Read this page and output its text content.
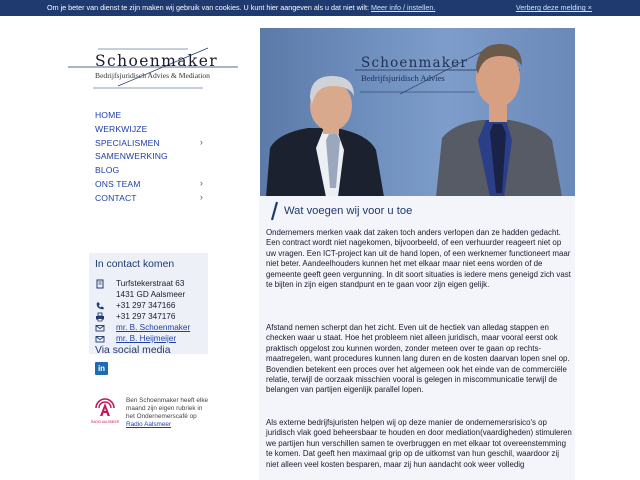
Om je beter van dienst te zijn maken wij gebruik van cookies. U kunt hier aangeven als u dat niet wilt: Meer info / instellen.	Verberg deze melding ×
Schoenmaker
Bedrijfsjuridisch Advies & Mediation
HOME
WERKWIJZE
SPECIALISMEN	›
SAMENWERKING
BLOG
ONS TEAM	›
CONTACT	›
In contact komen
Turfstekerstraat 63
1431 GD Aalsmeer
+31 297 347166
+31 297 347176
mr. B. Schoenmaker
mr. B. Heijmeijer
Via social media
in
RADIO AALSMEER
Ben Schoenmaker heeft elke maand zijn eigen rubriek in het Ondernemerscafé op Radio Aalsmeer
Schoenmaker
Bedrijfsjuridisch Advies
Wat voegen wij voor u toe

Ondernemers merken vaak dat zaken toch anders verlopen dan ze hadden gedacht. Een contract wordt niet nagekomen, bijvoorbeeld, of een verhuurder reageert niet op uw vragen. Een ICT-project kan uit de hand lopen, of een werknemer functioneert maar niet beter. Aandeelhouders kunnen het met elkaar maar niet eens worden of de gemeente geeft geen vergunning. In dit soort situaties is iedere mens geneigd zich vast te bijten in zijn eigen standpunt en te gaan voor zijn eigen gelijk.

Afstand nemen scherpt dan het zicht. Even uit de hectiek van alledag stappen en checken waar u staat. Hoe het probleem niet alleen juridisch, maar vooral eerst ook praktisch opgelost zou kunnen worden, zonder meteen over te gaan op rechts-maatregelen, want procedures kunnen lang duren en de kosten daarvan lopen snel op. Bovendien betekent een proces over het algemeen ook het einde van de commerciële relatie, terwijl de oorzaak misschien vooral is gelegen in miscommunicatie terwijl de belangen van partijen eigenlijk parallel lopen.

Als externe bedrijfsjuristen helpen wij op deze manier de ondernemersrisico's op juridisch vlak goed beheersbaar te houden en door mediation(vaardigheden) stimuleren we partijen hun verschillen samen te overbruggen en met elkaar tot overeenstemming te komen. Dat geeft hen maximaal grip op de uitkomst van hun geschil, waardoor zij niet alleen veel kosten besparen, maar zij hun aandacht ook weer volledig
